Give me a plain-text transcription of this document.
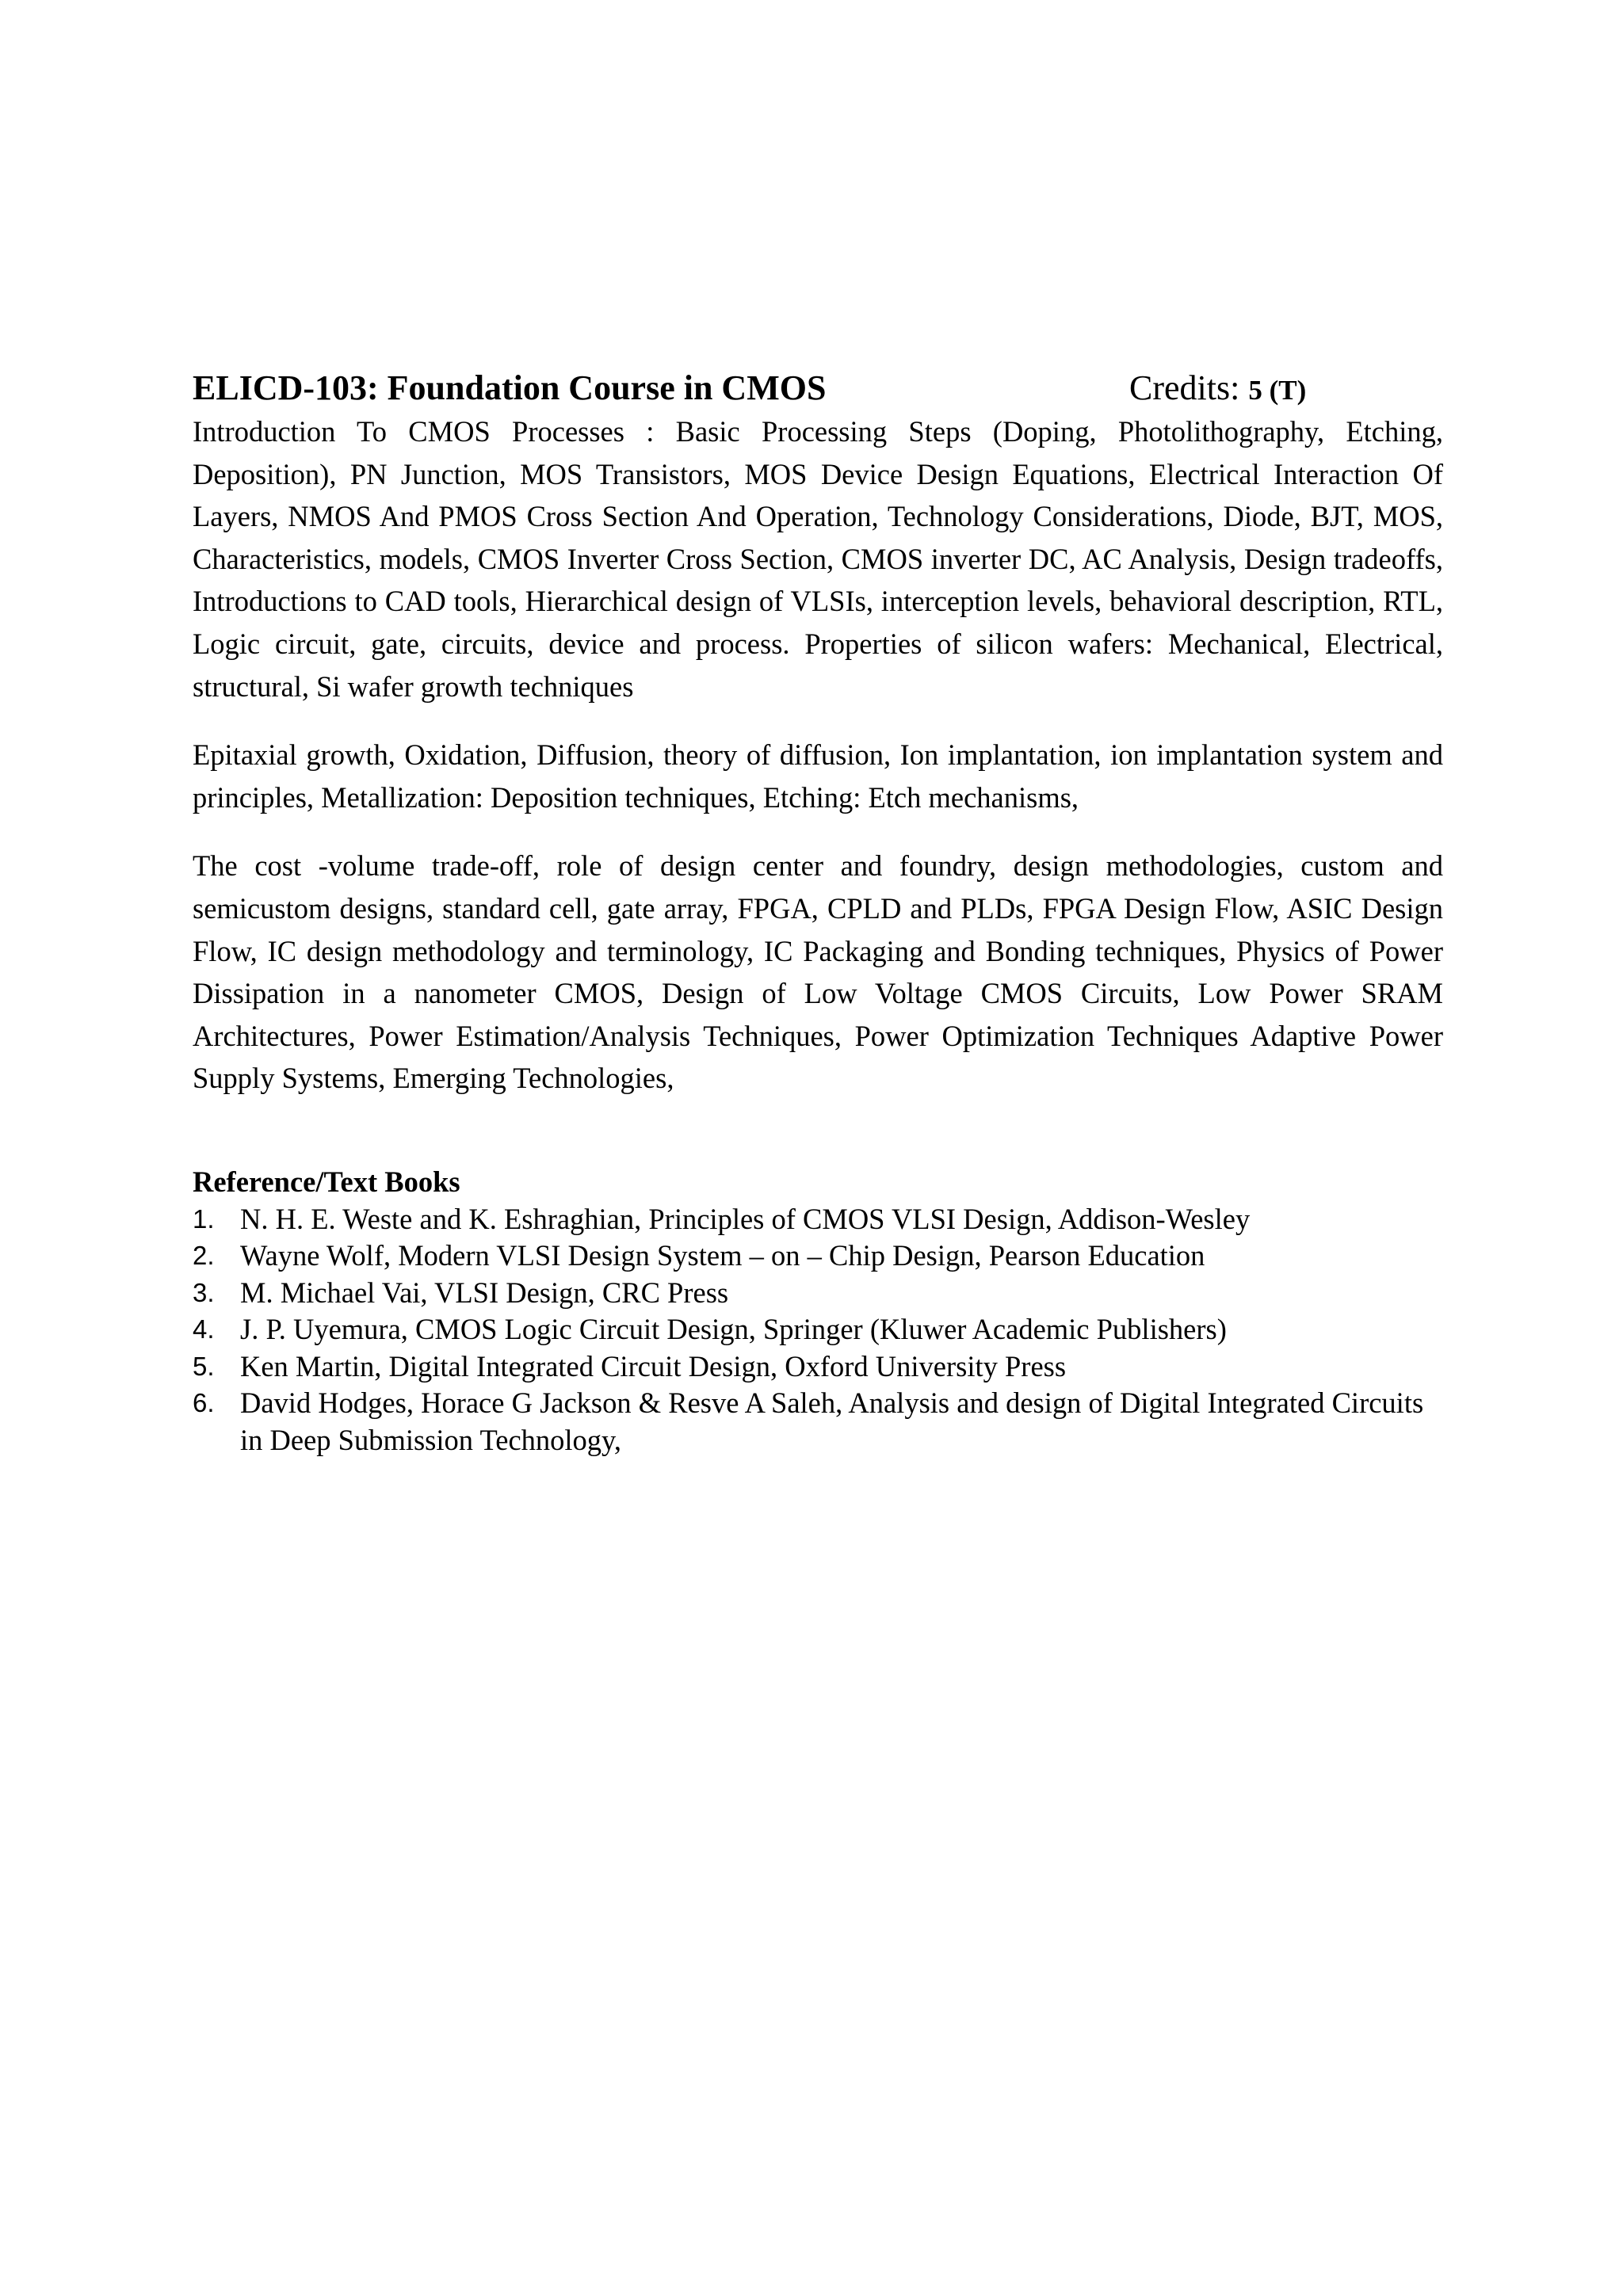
ELICD-103: Foundation Course in CMOS	Credits: 5 (T)

Introduction To CMOS Processes : Basic Processing Steps (Doping, Photolithography, Etching, Deposition), PN Junction, MOS Transistors, MOS Device Design Equations, Electrical Interaction Of Layers, NMOS And PMOS Cross Section And Operation, Technology Considerations, Diode, BJT, MOS, Characteristics, models, CMOS Inverter Cross Section, CMOS inverter DC, AC Analysis, Design tradeoffs, Introductions to CAD tools, Hierarchical design of VLSIs, interception levels, behavioral description, RTL, Logic circuit, gate, circuits, device and process. Properties of silicon wafers: Mechanical, Electrical, structural, Si wafer growth techniques

Epitaxial growth, Oxidation, Diffusion, theory of diffusion, Ion implantation, ion implantation system and principles, Metallization: Deposition techniques, Etching: Etch mechanisms,

The cost -volume trade-off, role of design center and foundry, design methodologies, custom and semicustom designs, standard cell, gate array, FPGA, CPLD and PLDs, FPGA Design Flow, ASIC Design Flow, IC design methodology and terminology, IC Packaging and Bonding techniques, Physics of Power Dissipation in a nanometer CMOS, Design of Low Voltage CMOS Circuits, Low Power SRAM Architectures, Power Estimation/Analysis Techniques, Power Optimization Techniques Adaptive Power Supply Systems, Emerging Technologies,

Reference/Text Books
1. N. H. E. Weste and K. Eshraghian, Principles of CMOS VLSI Design, Addison-Wesley
2. Wayne Wolf, Modern VLSI Design System – on – Chip Design, Pearson Education
3. M. Michael Vai, VLSI Design, CRC Press
4. J. P. Uyemura, CMOS Logic Circuit Design, Springer (Kluwer Academic Publishers)
5. Ken Martin, Digital Integrated Circuit Design, Oxford University Press
6. David Hodges, Horace G Jackson & Resve A Saleh, Analysis and design of Digital Integrated Circuits in Deep Submission Technology,
